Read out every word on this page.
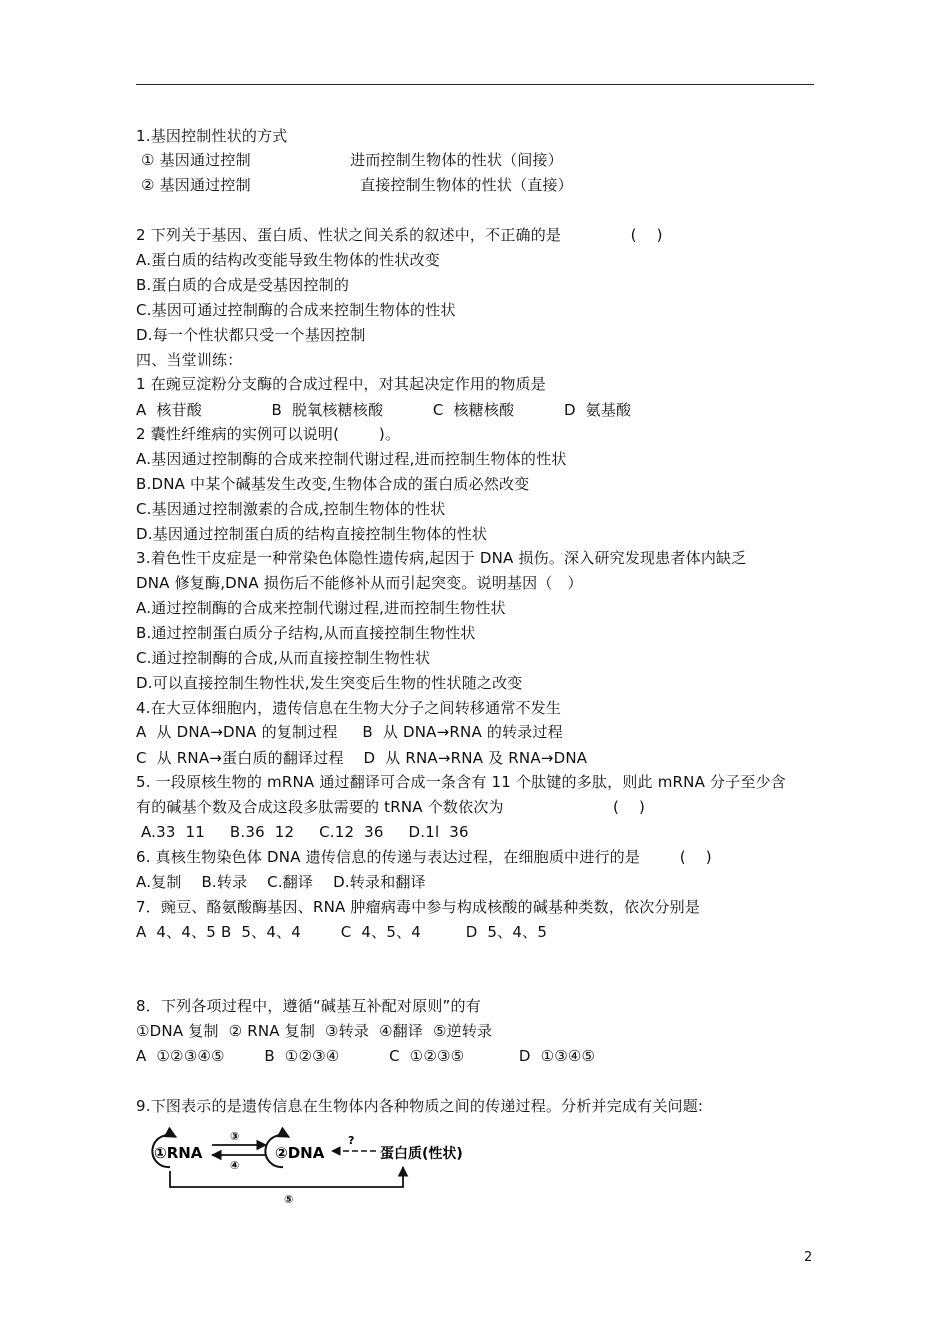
1.基因控制性状的方式
① 基因通过控制                    进而控制生物体的性状（间接）
② 基因通过控制                      直接控制生物体的性状（直接）
2 下列关于基因、蛋白质、性状之间关系的叙述中，不正确的是              (    )
A.蛋白质的结构改变能导致生物体的性状改变
B.蛋白质的合成是受基因控制的
C.基因可通过控制酶的合成来控制生物体的性状
D.每一个性状都只受一个基因控制
四、当堂训练：
1 在豌豆淀粉分支酶的合成过程中，对其起决定作用的物质是
A  核苷酸              B  脱氧核糖核酸          C  核糖核酸          D  氨基酸
2 囊性纤维病的实例可以说明(        )。
A.基因通过控制酶的合成来控制代谢过程,进而控制生物体的性状
B.DNA 中某个碱基发生改变,生物体合成的蛋白质必然改变
C.基因通过控制激素的合成,控制生物体的性状
D.基因通过控制蛋白质的结构直接控制生物体的性状
3.着色性干皮症是一种常染色体隐性遗传病,起因于 DNA 损伤。深入研究发现患者体内缺乏
DNA 修复酶,DNA 损伤后不能修补从而引起突变。说明基因（   ）
A.通过控制酶的合成来控制代谢过程,进而控制生物性状
B.通过控制蛋白质分子结构,从而直接控制生物性状
C.通过控制酶的合成,从而直接控制生物性状
D.可以直接控制生物性状,发生突变后生物的性状随之改变
4.在大豆体细胞内，遗传信息在生物大分子之间转移通常不发生
A  从 DNA→DNA 的复制过程     B  从 DNA→RNA 的转录过程
C  从 RNA→蛋白质的翻译过程    D  从 RNA→RNA 及 RNA→DNA
5. 一段原核生物的 mRNA 通过翻译可合成一条含有 11 个肽键的多肽，则此 mRNA 分子至少含
有的碱基个数及合成这段多肽需要的 tRNA 个数依次为                      (    )
A.33  11     B.36  12     C.12  36     D.1l  36
6. 真核生物染色体 DNA 遗传信息的传递与表达过程，在细胞质中进行的是        (    )
A.复制    B.转录    C.翻译    D.转录和翻译
7．豌豆、酪氨酸酶基因、RNA 肿瘤病毒中参与构成核酸的碱基种类数，依次分别是
A  4、4、5 B  5、4、4        C  4、5、4         D  5、4、5
8．下列各项过程中，遵循“碱基互补配对原则”的有
①DNA 复制  ② RNA 复制  ③转录  ④翻译  ⑤逆转录
A  ①②③④⑤        B  ①②③④          C  ①②③⑤           D  ①③④⑤
9.下图表示的是遗传信息在生物体内各种物质之间的传递过程。分析并完成有关问题:
①RNA	②DNA	蛋白质(性状)
③
④
?
⑤
2
